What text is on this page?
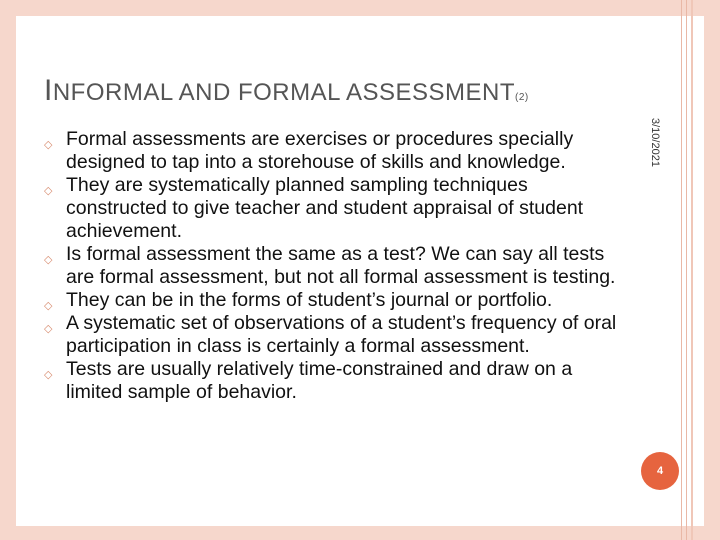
INFORMAL AND FORMAL ASSESSMENT(2)
3/10/2021
◇ Formal assessments are exercises or procedures specially designed to tap into a storehouse of skills and knowledge.
◇ They are systematically planned sampling techniques constructed to give teacher and student appraisal of student achievement.
◇ Is formal assessment the same as a test? We can say all tests are formal assessment, but not all formal assessment is testing.
◇ They can be in the forms of student’s journal or portfolio.
◇ A systematic set of observations of a student’s frequency of oral participation in class is certainly a formal assessment.
◇ Tests are usually relatively time-constrained and draw on a limited sample of behavior.
4
